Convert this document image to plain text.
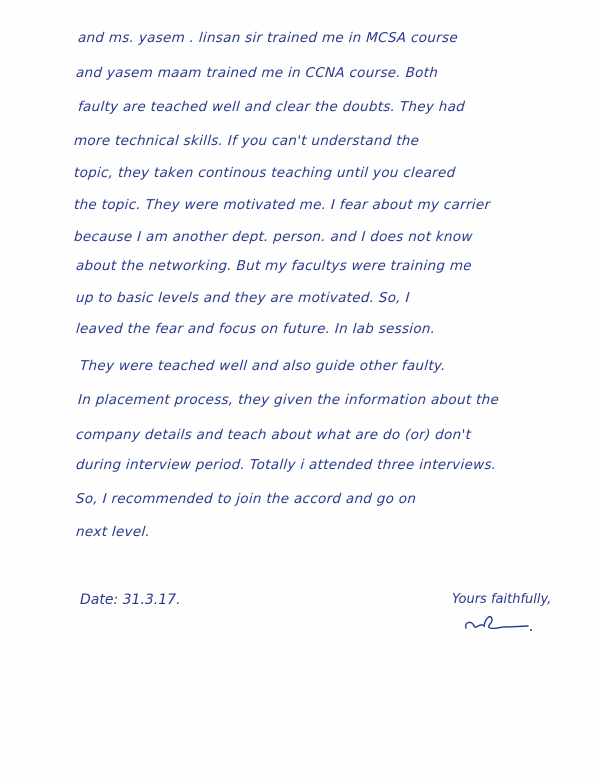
and ms. yasem . linsan sir trained me in MCSA course
and yasem maam trained me in CCNA course. Both
faulty are teached well and clear the doubts. They had
more technical skills. If you can't understand the
topic, they taken continous teaching until you cleared
the topic. They were motivated me. I fear about my carrier
because I am another dept. person. and I does not know
about the networking. But my facultys were training me
up to basic levels and they are motivated. So, I
leaved the fear and focus on future. In lab session.
They were teached well and also guide other faulty.
In placement process, they given the information about the
company details and teach about what are do (or) don't
during interview period. Totally i attended three interviews.
So, I recommended to join the accord and go on
next level.
Date: 31.3.17.	Yours faithfully,
